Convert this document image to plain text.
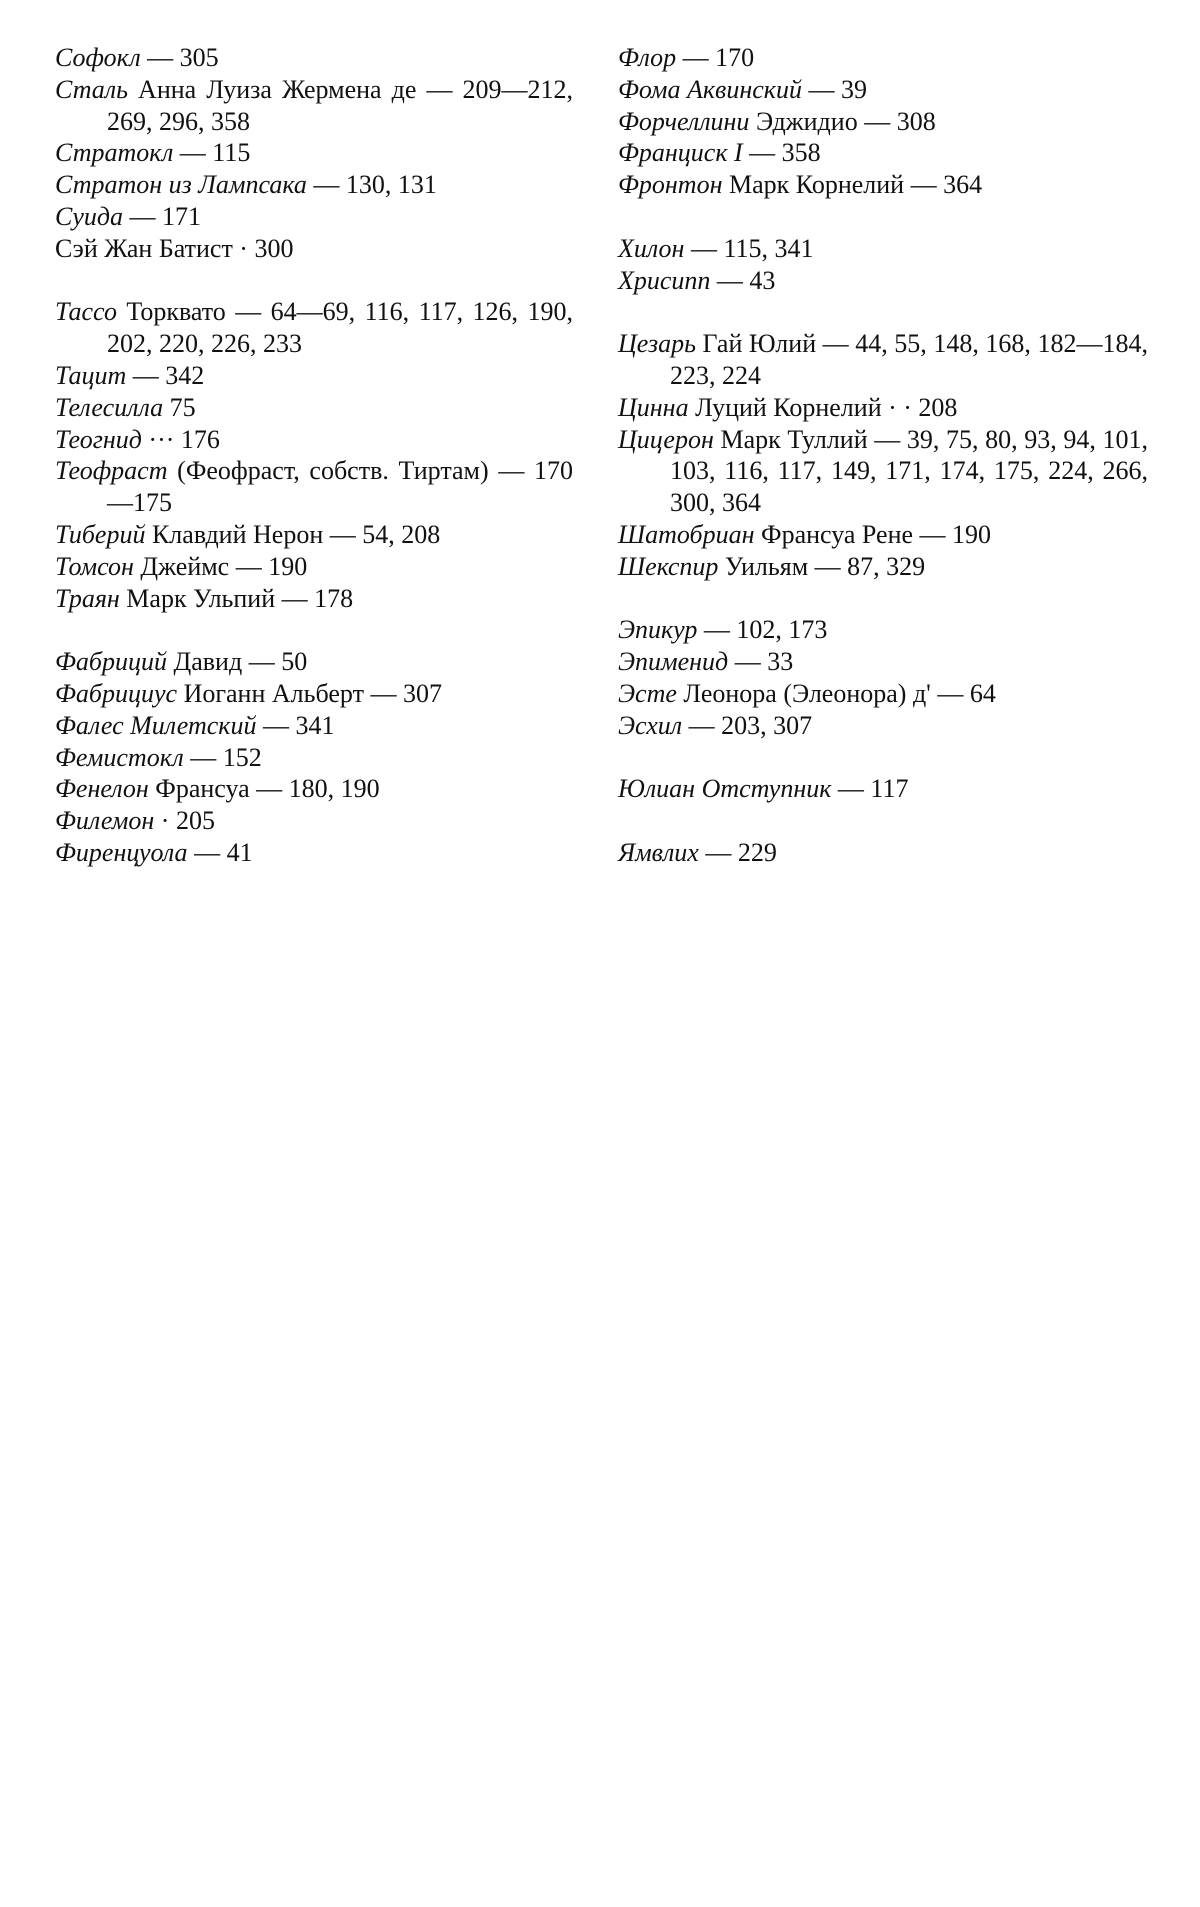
Софокл — 305
Сталь Анна Луиза Жермена де — 209—212, 269, 296, 358
Стратокл — 115
Стратон из Лампсака — 130, 131
Суида — 171
Сэй Жан Батист · 300
Тассо Торквато — 64—69, 116, 117, 126, 190, 202, 220, 226, 233
Тацит — 342
Телесилла 75
Теогнид ··· 176
Теофраст (Феофраст, собств. Тиртам) — 170—175
Тиберий Клавдий Нерон — 54, 208
Томсон Джеймс — 190
Траян Марк Ульпий — 178
Фабриций Давид — 50
Фабрициус Иоганн Альберт — 307
Фалес Милетский — 341
Фемистокл — 152
Фенелон Франсуа — 180, 190
Филемон · 205
Фиренцуола — 41
Флор — 170
Фома Аквинский — 39
Форчеллини Эджидио — 308
Франциск I — 358
Фронтон Марк Корнелий — 364
Хилон — 115, 341
Хрисипп — 43
Цезарь Гай Юлий — 44, 55, 148, 168, 182—184, 223, 224
Цинна Луций Корнелий · · 208
Цицерон Марк Туллий — 39, 75, 80, 93, 94, 101, 103, 116, 117, 149, 171, 174, 175, 224, 266, 300, 364
Шатобриан Франсуа Рене — 190
Шекспир Уильям — 87, 329
Эпикур — 102, 173
Эпименид — 33
Эсте Леонора (Элеонора) д' — 64
Эсхил — 203, 307
Юлиан Отступник — 117
Ямвлих — 229
